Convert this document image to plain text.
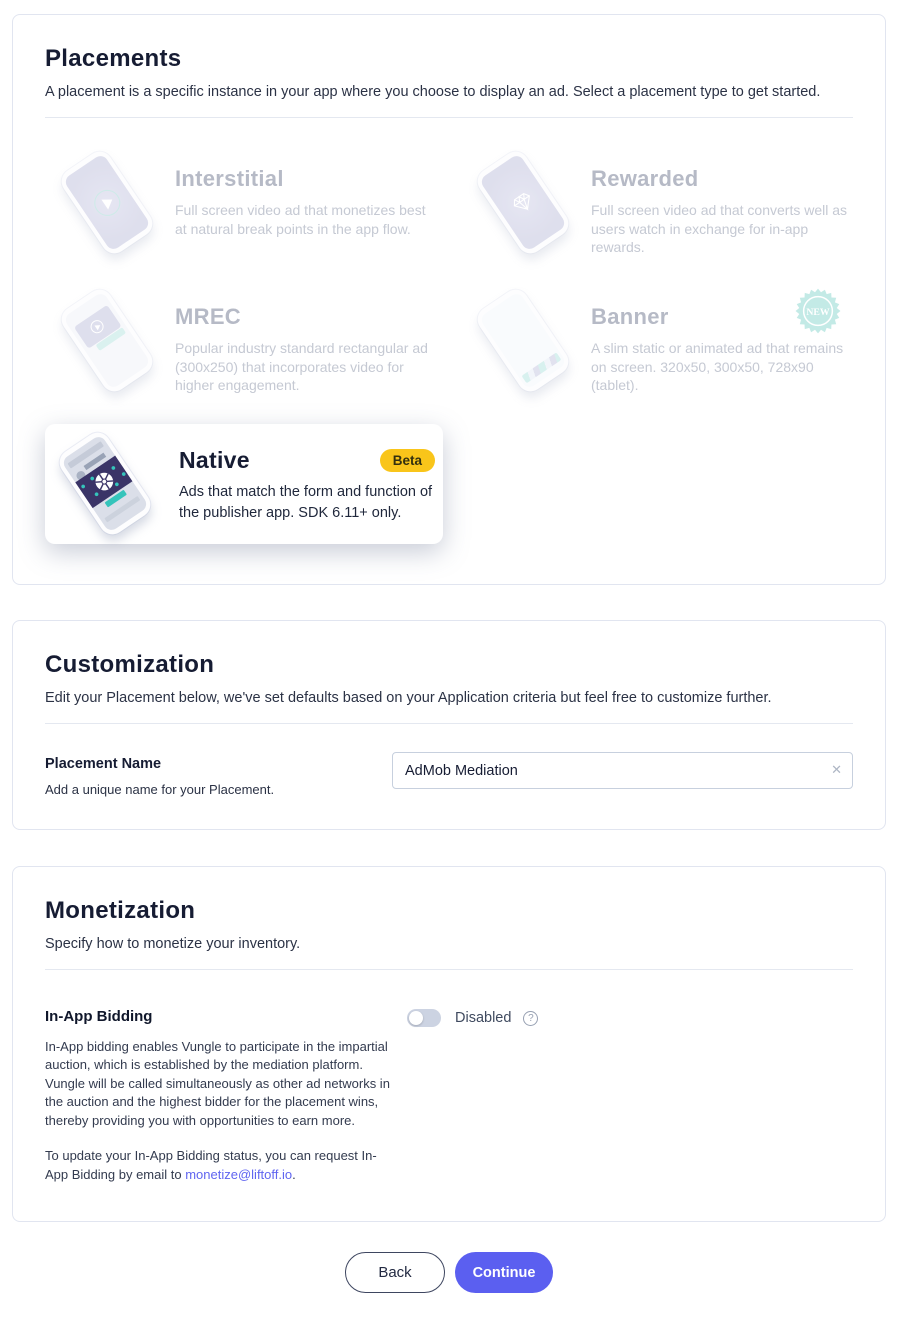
Placements

A placement is a specific instance in your app where you choose to display an ad. Select a placement type to get started.

Interstitial
Full screen video ad that monetizes best at natural break points in the app flow.
Rewarded
Full screen video ad that converts well as users watch in exchange for in-app rewards.
MREC
Popular industry standard rectangular ad (300x250) that incorporates video for higher engagement.
Banner
A slim static or animated ad that remains on screen. 320x50, 300x50, 728x90 (tablet).
NEW
Native	Beta
Ads that match the form and function of the publisher app. SDK 6.11+ only.
Customization

Edit your Placement below, we've set defaults based on your Application criteria but feel free to customize further.

Placement Name
Add a unique name for your Placement.
AdMob Mediation
✕
Monetization

Specify how to monetize your inventory.

In-App Bidding

In-App bidding enables Vungle to participate in the impartial auction, which is established by the mediation platform. Vungle will be called simultaneously as other ad networks in the auction and the highest bidder for the placement wins, thereby providing you with opportunities to earn more.

To update your In-App Bidding status, you can request In-App Bidding by email to monetize@liftoff.io.

Disabled	?
Back	Continue
